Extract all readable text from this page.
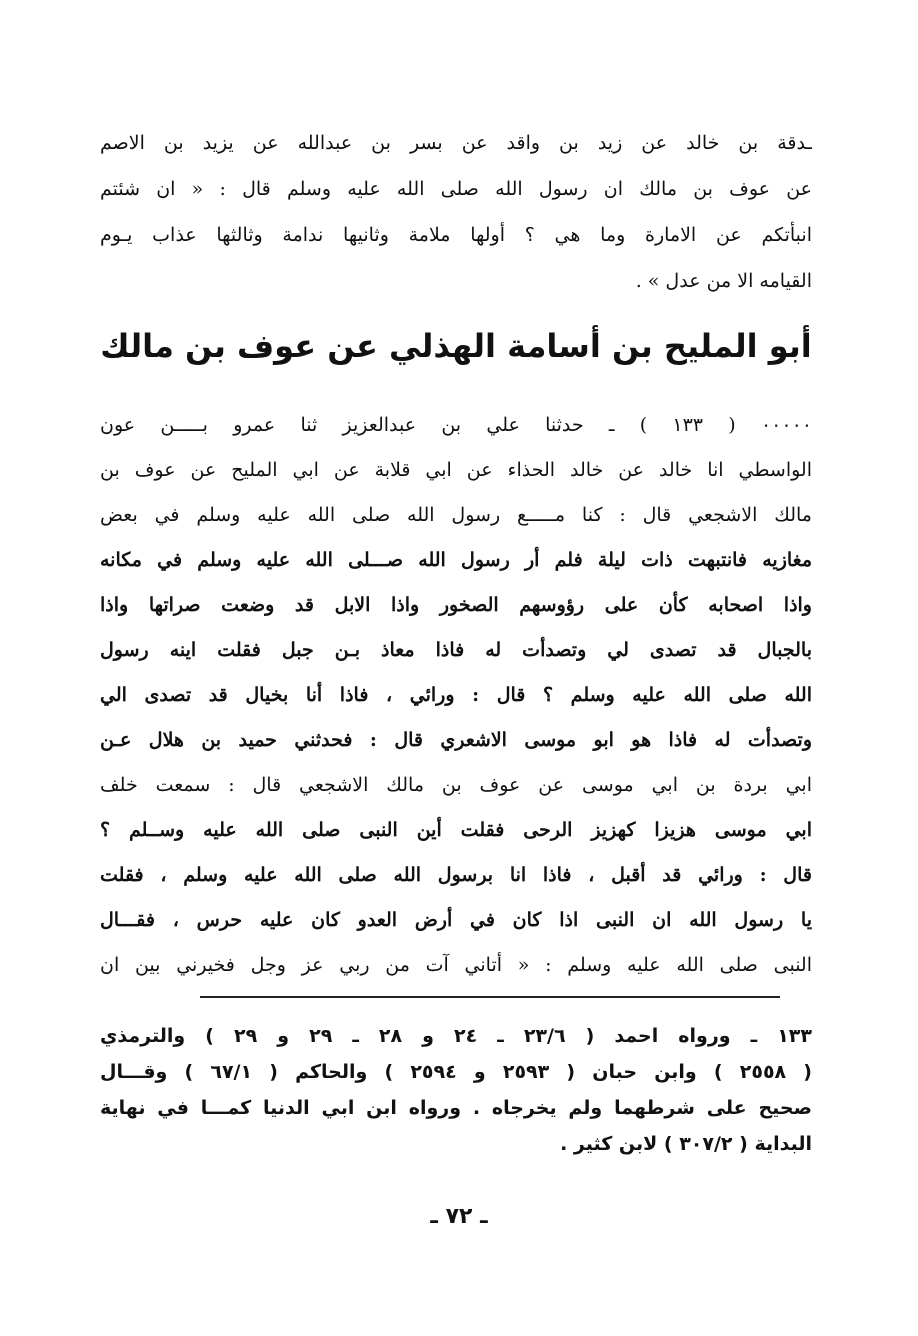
ـدقة بن خالد عن زيد بن واقد عن بسر بن عبدالله عن يزيد بن الاصم
عن عوف بن مالك ان رسول الله صلى الله عليه وسلم قال : « ان شئتم
انبأتكم عن الامارة وما هي ؟ أولها ملامة وثانيها ندامة وثالثها عذاب يـوم
القيامه الا من عدل » .
أبو المليح بن أسامة الهذلي عن عوف بن مالك
٠٠٠٠٠ ( ١٣٣ ) ـ حدثنا علي بن عبدالعزيز ثنا عمرو بـــــن عون
الواسطي انا خالد عن خالد الحذاء عن ابي قلابة عن ابي المليح عن عوف بن
مالك الاشجعي قال : كنا مـــــع رسول الله صلى الله عليه وسلم في بعض
مغازيه فانتبهت ذات ليلة فلم أر رسول الله صـــلى الله عليه وسلم في مكانه
واذا اصحابه كأن على رؤوسهم الصخور واذا الابل قد وضعت صراتها واذا
بالجبال قد تصدى لي وتصدأت له فاذا معاذ بـن جبل فقلت اينه رسول
الله صلى الله عليه وسلم ؟ قال : ورائي ، فاذا أنا بخيال قد تصدى الي
وتصدأت له فاذا هو ابو موسى الاشعري قال : فحدثني حميد بن هلال عـن
ابي بردة بن ابي موسى عن عوف بن مالك الاشجعي قال : سمعت خلف
ابي موسى هزيزا كهزيز الرحى فقلت أين النبى صلى الله عليه وســلم ؟
قال : ورائي قد أقبل ، فاذا انا برسول الله صلى الله عليه وسلم ، فقلت
يا رسول الله ان النبى اذا كان في أرض العدو كان عليه حرس ، فقـــال
النبى صلى الله عليه وسلم : « أتاني آت من ربي عز وجل فخيرني بين ان
١٣٣ ـ ورواه احمد ( ٢٣/٦ ـ ٢٤ و ٢٨ ـ ٢٩ و ٢٩ ) والترمذي
( ٢٥٥٨ ) وابن حبان ( ٢٥٩٣ و ٢٥٩٤ ) والحاكم ( ٦٧/١ ) وقـــال
صحيح على شرطهما ولم يخرجاه . ورواه ابن ابي الدنيا كمـــا في نهاية
البداية ( ٣٠٧/٢ ) لابن كثير .
ـ ٧٢ ـ
